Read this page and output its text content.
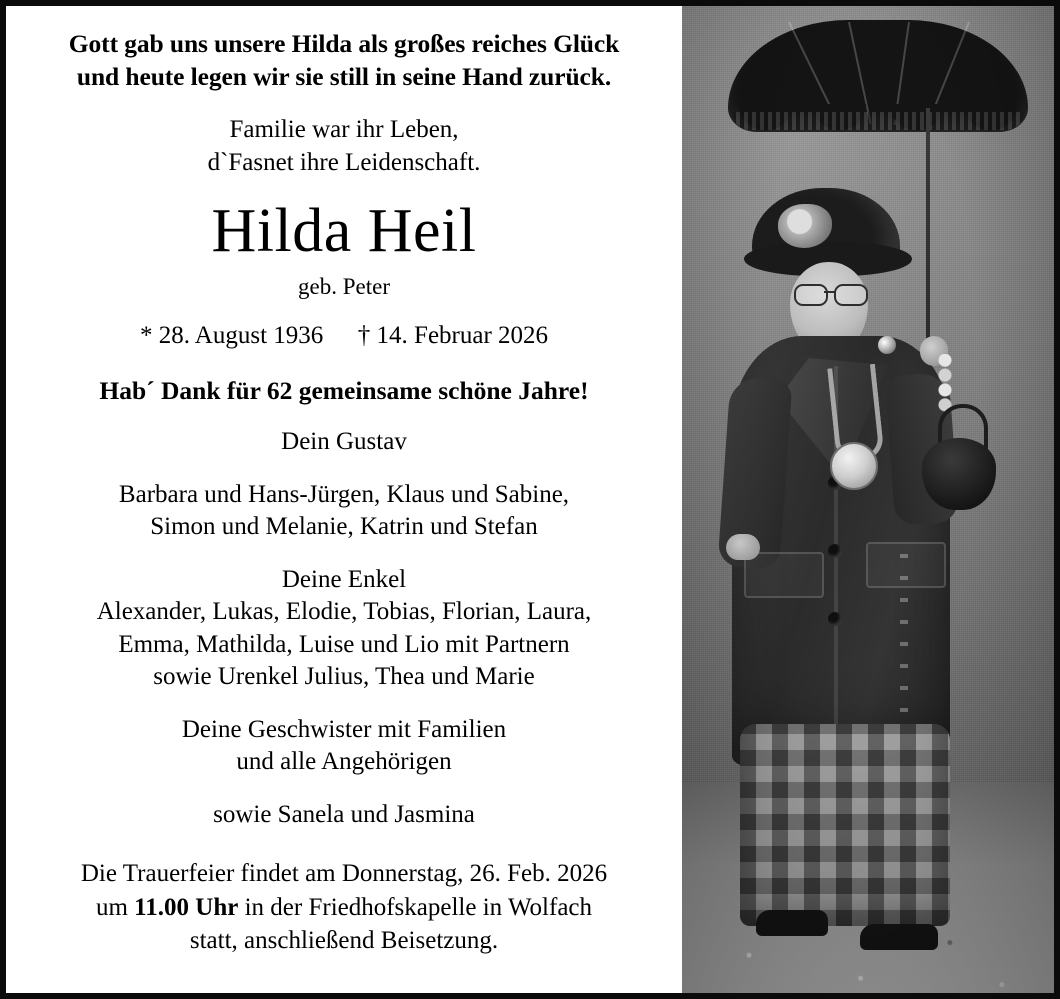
Gott gab uns unsere Hilda als großes reiches Glück
und heute legen wir sie still in seine Hand zurück.
Familie war ihr Leben,
d`Fasnet ihre Leidenschaft.
Hilda Heil
geb. Peter
* 28. August 1936 † 14. Februar 2026
Hab´ Dank für 62 gemeinsame schöne Jahre!
Dein Gustav
Barbara und Hans-Jürgen, Klaus und Sabine,
Simon und Melanie, Katrin und Stefan
Deine Enkel
Alexander, Lukas, Elodie, Tobias, Florian, Laura,
Emma, Mathilda, Luise und Lio mit Partnern
sowie Urenkel Julius, Thea und Marie
Deine Geschwister mit Familien
und alle Angehörigen
sowie Sanela und Jasmina
Die Trauerfeier findet am Donnerstag, 26. Feb. 2026
um 11.00 Uhr in der Friedhofskapelle in Wolfach
statt, anschließend Beisetzung.
